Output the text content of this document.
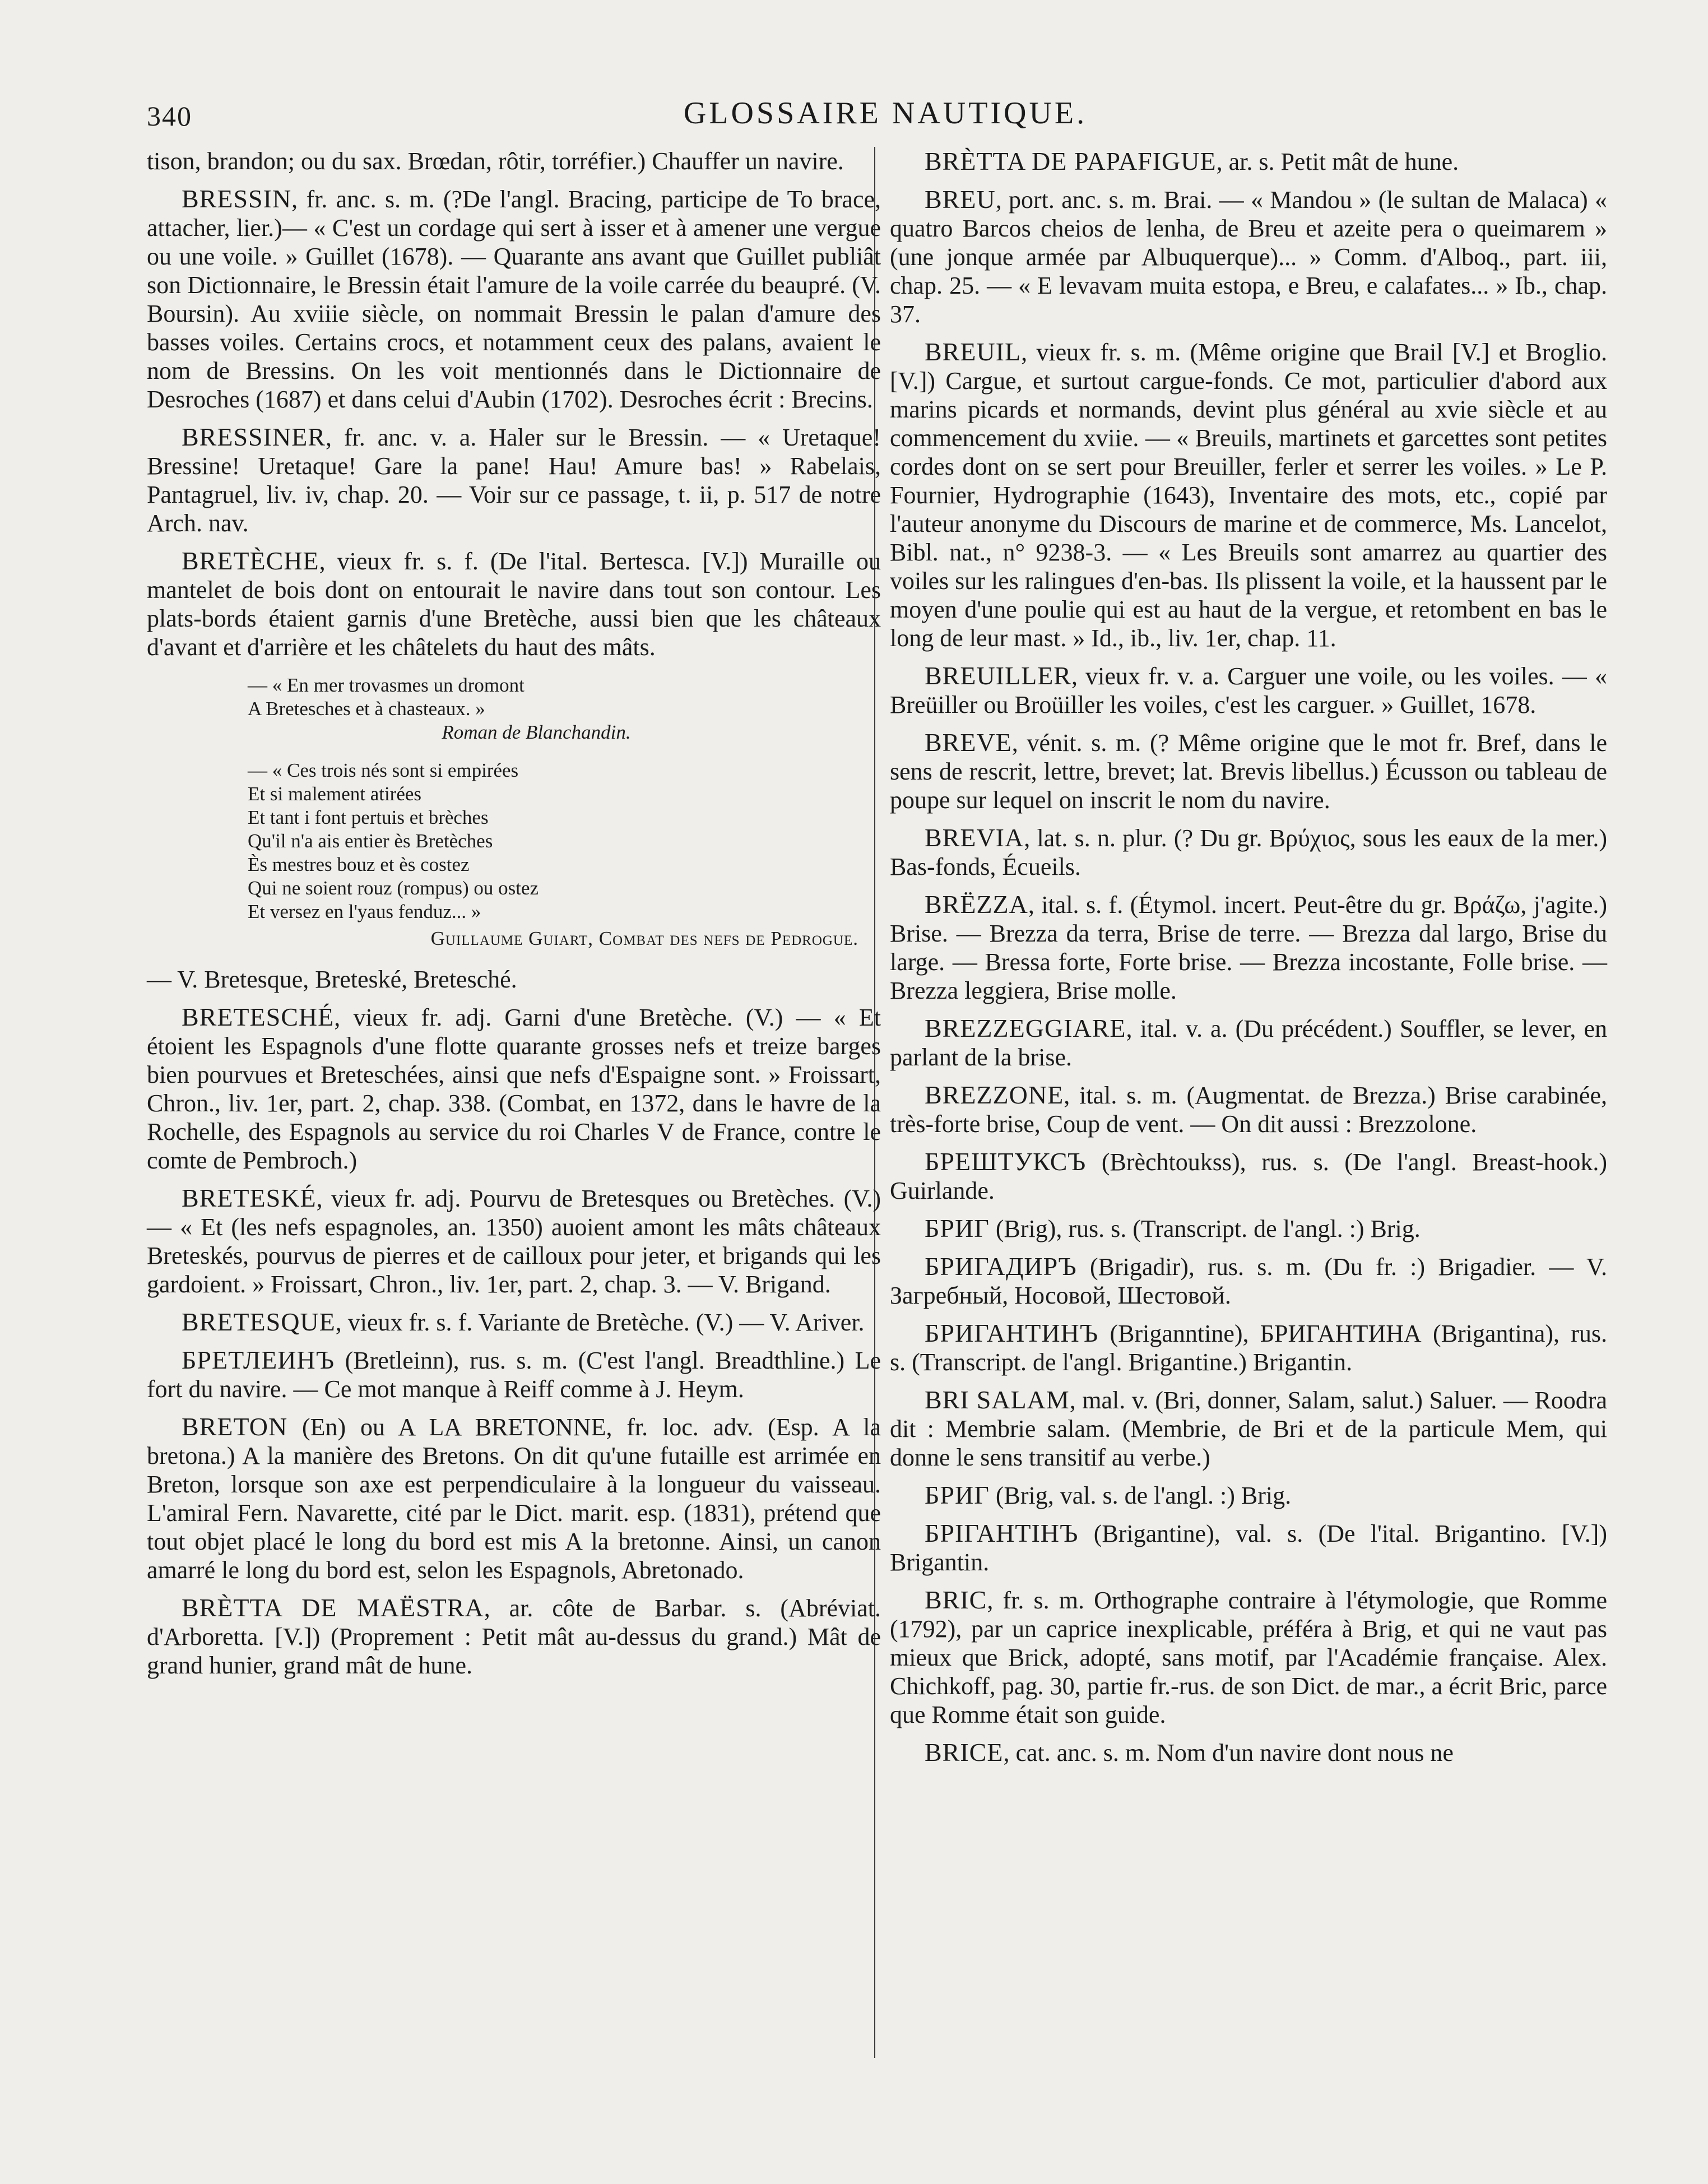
340	GLOSSAIRE NAUTIQUE.

tison, brandon; ou du sax. Brœdan, rôtir, torréfier.) Chauffer un navire.

BRESSIN, fr. anc. s. m. (?De l'angl. Bracing, participe de To brace, attacher, lier.)— « C'est un cordage qui sert à isser et à amener une vergue ou une voile. » Guillet (1678). — Quarante ans avant que Guillet publiât son Dictionnaire, le Bressin était l'amure de la voile carrée du beaupré. (V. Boursin). Au xviiie siècle, on nommait Bressin le palan d'amure des basses voiles. Certains crocs, et notamment ceux des palans, avaient le nom de Bressins. On les voit mentionnés dans le Dictionnaire de Desroches (1687) et dans celui d'Aubin (1702). Desroches écrit : Brecins.

BRESSINER, fr. anc. v. a. Haler sur le Bressin. — « Uretaque! Bressine! Uretaque! Gare la pane! Hau! Amure bas! » Rabelais, Pantagruel, liv. iv, chap. 20. — Voir sur ce passage, t. ii, p. 517 de notre Arch. nav.

BRETÈCHE, vieux fr. s. f. (De l'ital. Bertesca. [V.]) Muraille ou mantelet de bois dont on entourait le navire dans tout son contour. Les plats-bords étaient garnis d'une Bretèche, aussi bien que les châteaux d'avant et d'arrière et les châtelets du haut des mâts.

— « En mer trovasmes un dromont
A Bretesches et à chasteaux. »
Roman de Blanchandin.
— « Ces trois nés sont si empirées
Et si malement atirées
Et tant i font pertuis et brèches
Qu'il n'a ais entier ès Bretèches
Ès mestres bouz et ès costez
Qui ne soient rouz (rompus) ou ostez
Et versez en l'yaus fenduz... »
Guillaume Guiart, Combat des nefs de Pedrogue.

— V. Bretesque, Breteské, Bretesché.

BRETESCHÉ, vieux fr. adj. Garni d'une Bretèche. (V.) — « Et étoient les Espagnols d'une flotte quarante grosses nefs et treize barges bien pourvues et Breteschées, ainsi que nefs d'Espaigne sont. » Froissart, Chron., liv. 1er, part. 2, chap. 338. (Combat, en 1372, dans le havre de la Rochelle, des Espagnols au service du roi Charles V de France, contre le comte de Pembroch.)

BRETESKÉ, vieux fr. adj. Pourvu de Bretesques ou Bretèches. (V.) — « Et (les nefs espagnoles, an. 1350) auoient amont les mâts châteaux Breteskés, pourvus de pierres et de cailloux pour jeter, et brigands qui les gardoient. » Froissart, Chron., liv. 1er, part. 2, chap. 3. — V. Brigand.

BRETESQUE, vieux fr. s. f. Variante de Bretèche. (V.) — V. Ariver.

БРЕТЛЕИНЪ (Bretleinn), rus. s. m. (C'est l'angl. Breadthline.) Le fort du navire. — Ce mot manque à Reiff comme à J. Heym.

BRETON (En) ou A LA BRETONNE, fr. loc. adv. (Esp. A la bretona.) A la manière des Bretons. On dit qu'une futaille est arrimée en Breton, lorsque son axe est perpendiculaire à la longueur du vaisseau. L'amiral Fern. Navarette, cité par le Dict. marit. esp. (1831), prétend que tout objet placé le long du bord est mis A la bretonne. Ainsi, un canon amarré le long du bord est, selon les Espagnols, Abretonado.

BRÈTTA DE MAËSTRA, ar. côte de Barbar. s. (Abréviat. d'Arboretta. [V.]) (Proprement : Petit mât au-dessus du grand.) Mât de grand hunier, grand mât de hune.

BRÈTTA DE PAPAFIGUE, ar. s. Petit mât de hune.

BREU, port. anc. s. m. Brai. — « Mandou » (le sultan de Malaca) « quatro Barcos cheios de lenha, de Breu et azeite pera o queimarem » (une jonque armée par Albuquerque)... » Comm. d'Alboq., part. iii, chap. 25. — « E levavam muita estopa, e Breu, e calafates... » Ib., chap. 37.

BREUIL, vieux fr. s. m. (Même origine que Brail [V.] et Broglio. [V.]) Cargue, et surtout cargue-fonds. Ce mot, particulier d'abord aux marins picards et normands, devint plus général au xvie siècle et au commencement du xviie. — « Breuils, martinets et garcettes sont petites cordes dont on se sert pour Breuiller, ferler et serrer les voiles. » Le P. Fournier, Hydrographie (1643), Inventaire des mots, etc., copié par l'auteur anonyme du Discours de marine et de commerce, Ms. Lancelot, Bibl. nat., n° 9238-3. — « Les Breuils sont amarrez au quartier des voiles sur les ralingues d'en-bas. Ils plissent la voile, et la haussent par le moyen d'une poulie qui est au haut de la vergue, et retombent en bas le long de leur mast. » Id., ib., liv. 1er, chap. 11.

BREUILLER, vieux fr. v. a. Carguer une voile, ou les voiles. — « Breüiller ou Broüiller les voiles, c'est les carguer. » Guillet, 1678.

BREVE, vénit. s. m. (? Même origine que le mot fr. Bref, dans le sens de rescrit, lettre, brevet; lat. Brevis libellus.) Écusson ou tableau de poupe sur lequel on inscrit le nom du navire.

BREVIA, lat. s. n. plur. (? Du gr. Βρύχιος, sous les eaux de la mer.) Bas-fonds, Écueils.

BRËZZA, ital. s. f. (Étymol. incert. Peut-être du gr. Βράζω, j'agite.) Brise. — Brezza da terra, Brise de terre. — Brezza dal largo, Brise du large. — Bressa forte, Forte brise. — Brezza incostante, Folle brise. — Brezza leggiera, Brise molle.

BREZZEGGIARE, ital. v. a. (Du précédent.) Souffler, se lever, en parlant de la brise.

BREZZONE, ital. s. m. (Augmentat. de Brezza.) Brise carabinée, très-forte brise, Coup de vent. — On dit aussi : Brezzolone.

БРЕШТУКСЪ (Brèchtoukss), rus. s. (De l'angl. Breast-hook.) Guirlande.

БРИГ (Brig), rus. s. (Transcript. de l'angl. :) Brig.

БРИГАДИРЪ (Brigadir), rus. s. m. (Du fr. :) Brigadier. — V. Загребный, Носовой, Шестовой.

БРИГАНТИНЪ (Briganntine), БРИГАНТИНА (Brigantina), rus. s. (Transcript. de l'angl. Brigantine.) Brigantin.

BRI SALAM, mal. v. (Bri, donner, Salam, salut.) Saluer. — Roodra dit : Membrie salam. (Membrie, de Bri et de la particule Mem, qui donne le sens transitif au verbe.)

БРИГ (Brig, val. s. de l'angl. :) Brig.

БРIГАНТIНЪ (Brigantine), val. s. (De l'ital. Brigantino. [V.]) Brigantin.

BRIC, fr. s. m. Orthographe contraire à l'étymologie, que Romme (1792), par un caprice inexplicable, préféra à Brig, et qui ne vaut pas mieux que Brick, adopté, sans motif, par l'Académie française. Alex. Chichkoff, pag. 30, partie fr.-rus. de son Dict. de mar., a écrit Bric, parce que Romme était son guide.

BRICE, cat. anc. s. m. Nom d'un navire dont nous ne
